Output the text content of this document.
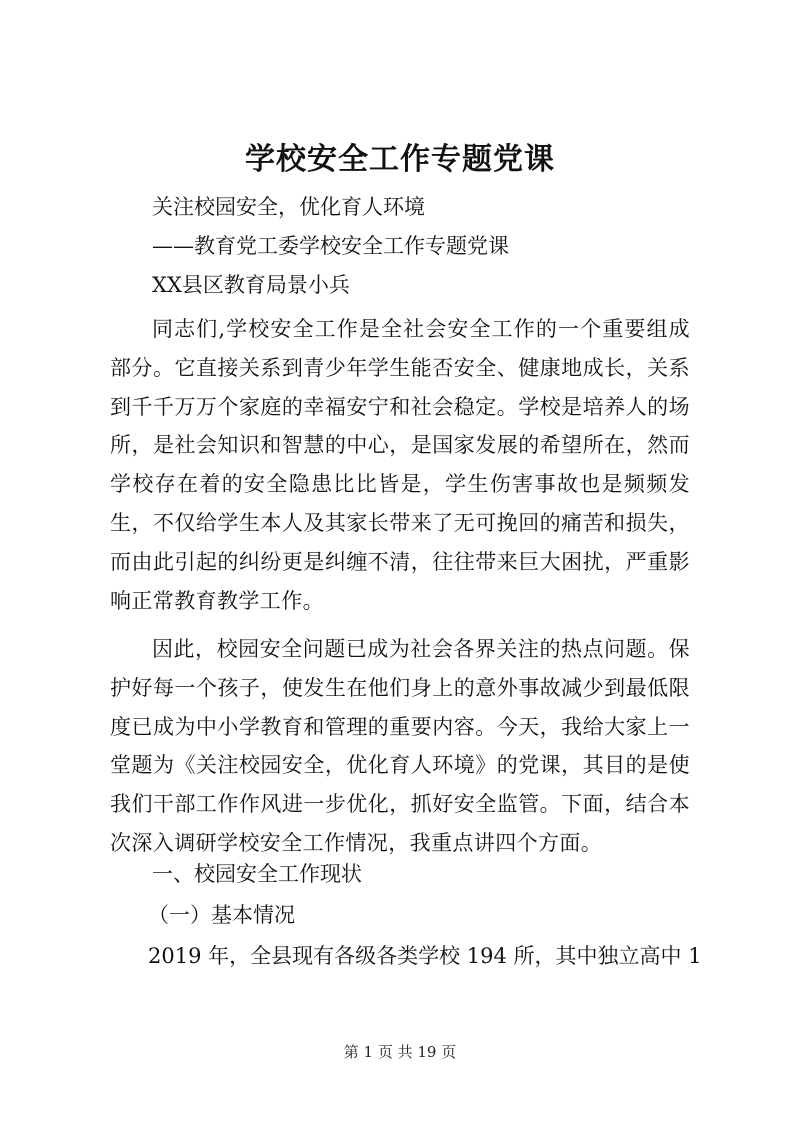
学校安全工作专题党课
关注校园安全，优化育人环境
——教育党工委学校安全工作专题党课
XX县区教育局景小兵
同志们,学校安全工作是全社会安全工作的一个重要组成部分。它直接关系到青少年学生能否安全、健康地成长，关系到千千万万个家庭的幸福安宁和社会稳定。学校是培养人的场所，是社会知识和智慧的中心，是国家发展的希望所在，然而学校存在着的安全隐患比比皆是，学生伤害事故也是频频发生，不仅给学生本人及其家长带来了无可挽回的痛苦和损失，而由此引起的纠纷更是纠缠不清，往往带来巨大困扰，严重影响正常教育教学工作。
因此，校园安全问题已成为社会各界关注的热点问题。保护好每一个孩子，使发生在他们身上的意外事故减少到最低限度已成为中小学教育和管理的重要内容。今天，我给大家上一堂题为《关注校园安全，优化育人环境》的党课，其目的是使我们干部工作作风进一步优化，抓好安全监管。下面，结合本次深入调研学校安全工作情况，我重点讲四个方面。
一、校园安全工作现状
（一）基本情况
2019 年，全县现有各级各类学校 194 所，其中独立高中 1
第 1 页 共 19 页
